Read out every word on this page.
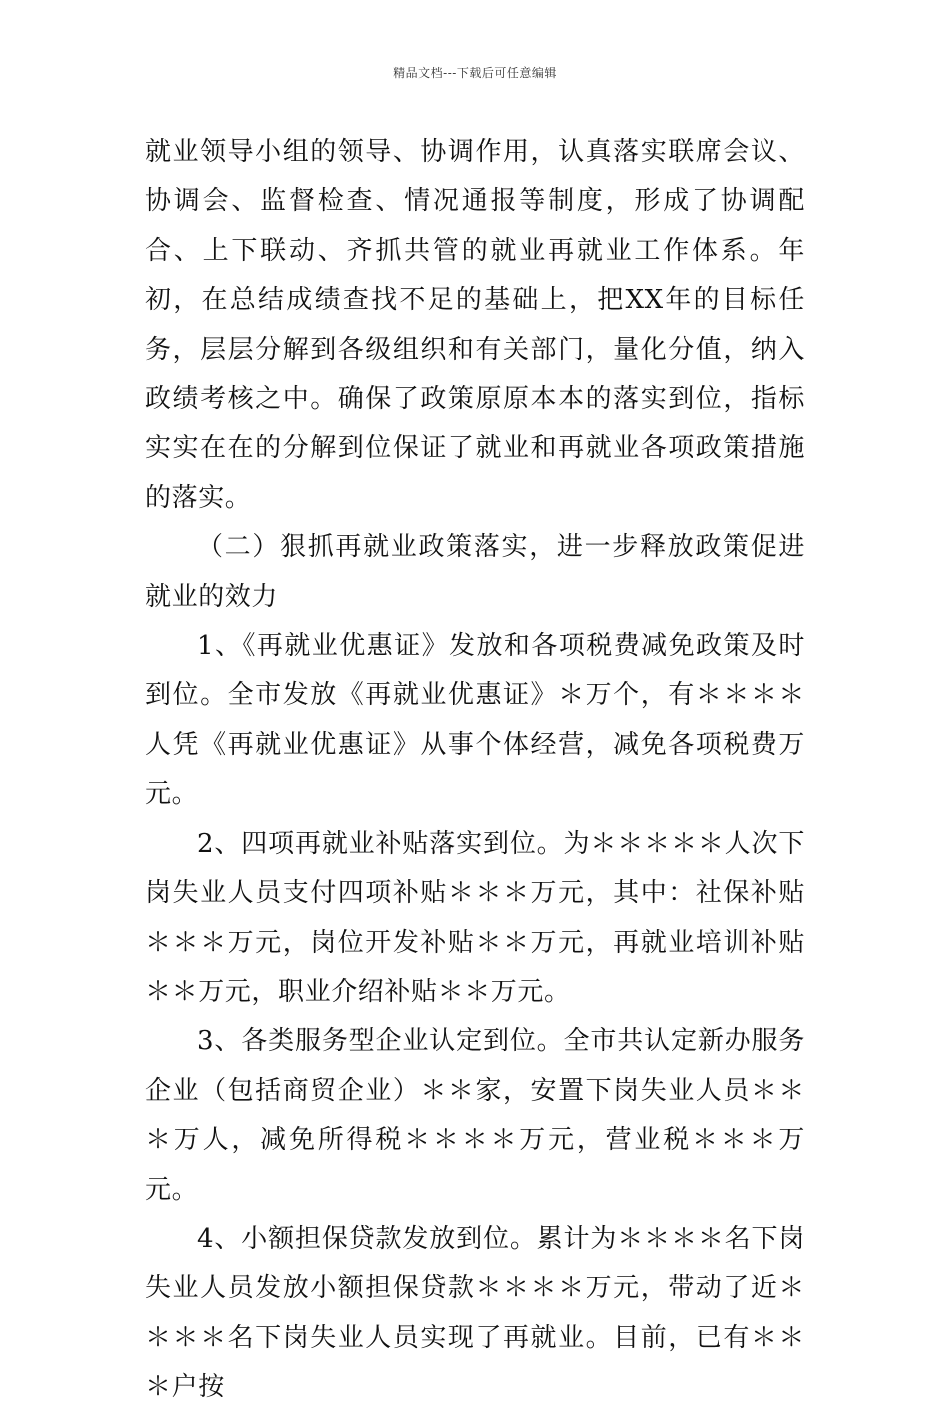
精品文档---下载后可任意编辑

就业领导小组的领导、协调作用，认真落实联席会议、协调会、监督检查、情况通报等制度，形成了协调配合、上下联动、齐抓共管的就业再就业工作体系。年初，在总结成绩查找不足的基础上，把XX年的目标任务，层层分解到各级组织和有关部门，量化分值，纳入政绩考核之中。确保了政策原原本本的落实到位，指标实实在在的分解到位保证了就业和再就业各项政策措施的落实。

（二）狠抓再就业政策落实，进一步释放政策促进就业的效力

1、《再就业优惠证》发放和各项税费减免政策及时到位。全市发放《再就业优惠证》＊万个，有＊＊＊＊人凭《再就业优惠证》从事个体经营，减免各项税费万元。

2、四项再就业补贴落实到位。为＊＊＊＊＊人次下岗失业人员支付四项补贴＊＊＊万元，其中：社保补贴＊＊＊万元，岗位开发补贴＊＊万元，再就业培训补贴＊＊万元，职业介绍补贴＊＊万元。

3、各类服务型企业认定到位。全市共认定新办服务企业（包括商贸企业）＊＊家，安置下岗失业人员＊＊＊万人，减免所得税＊＊＊＊万元，营业税＊＊＊万元。

4、小额担保贷款发放到位。累计为＊＊＊＊名下岗失业人员发放小额担保贷款＊＊＊＊万元，带动了近＊＊＊＊名下岗失业人员实现了再就业。目前，已有＊＊＊户按
